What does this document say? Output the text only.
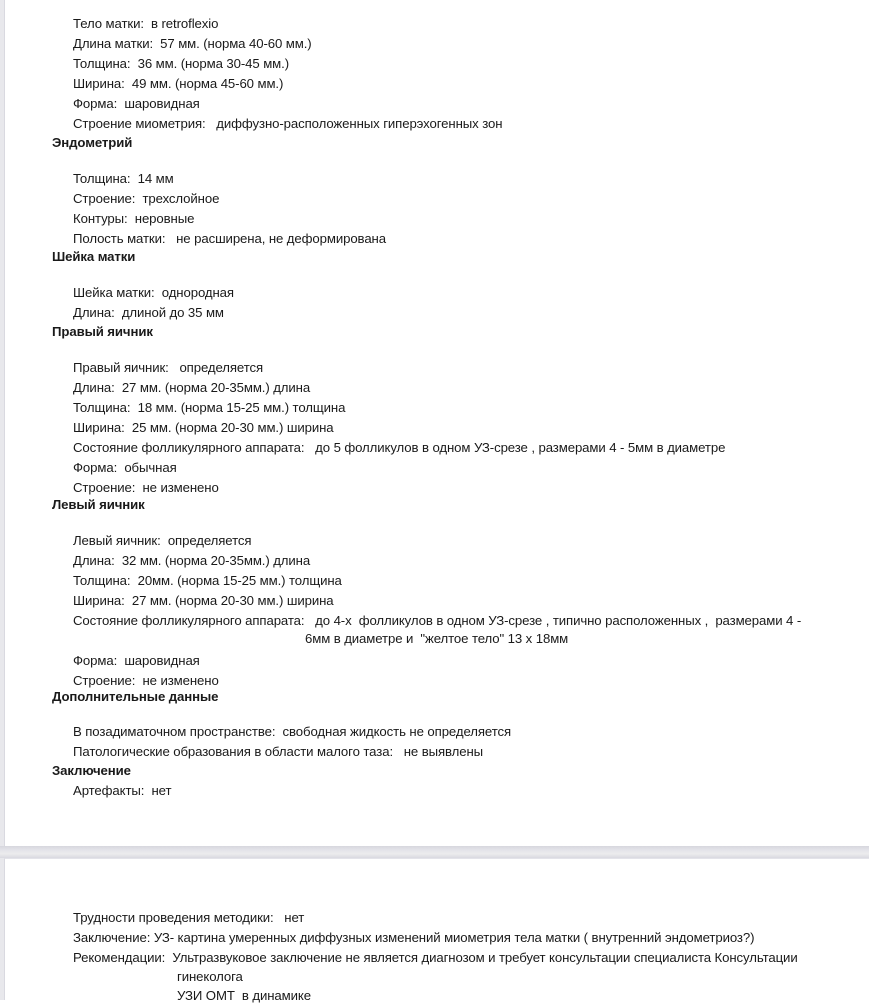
Тело матки: в retroflexio
Длина матки: 57 мм. (норма 40-60 мм.)
Толщина: 36 мм. (норма 30-45 мм.)
Ширина: 49 мм. (норма 45-60 мм.)
Форма: шаровидная
Строение миометрия: диффузно-расположенных гиперэхогенных зон
Эндометрий
Толщина: 14 мм
Строение: трехслойное
Контуры: неровные
Полость матки: не расширена, не деформирована
Шейка матки
Шейка матки: однородная
Длина: длиной до 35 мм
Правый яичник
Правый яичник: определяется
Длина: 27 мм. (норма 20-35мм.) длина
Толщина: 18 мм. (норма 15-25 мм.) толщина
Ширина: 25 мм. (норма 20-30 мм.) ширина
Состояние фолликулярного аппарата: до 5 фолликулов в одном УЗ-срезе , размерами 4 - 5мм в диаметре
Форма: обычная
Строение: не изменено
Левый яичник
Левый яичник: определяется
Длина: 32 мм. (норма 20-35мм.) длина
Толщина: 20мм. (норма 15-25 мм.) толщина
Ширина: 27 мм. (норма 20-30 мм.) ширина
Состояние фолликулярного аппарата: до 4-х  фолликулов в одном УЗ-срезе , типично расположенных ,  размерами 4 -
6мм в диаметре и  "желтое тело" 13 x 18мм
Форма: шаровидная
Строение: не изменено
Дополнительные данные
В позадиматочном пространстве: свободная жидкость не определяется
Патологические образования в области малого таза: не выявлены
Заключение
Артефакты: нет
Трудности проведения методики: нет
Заключение: УЗ- картина умеренных диффузных изменений миометрия тела матки ( внутренний эндометриоз?)
Рекомендации: Ультразвуковое заключение не является диагнозом и требует консультации специалиста Консультации
гинеколога
УЗИ ОМТ  в динамике
